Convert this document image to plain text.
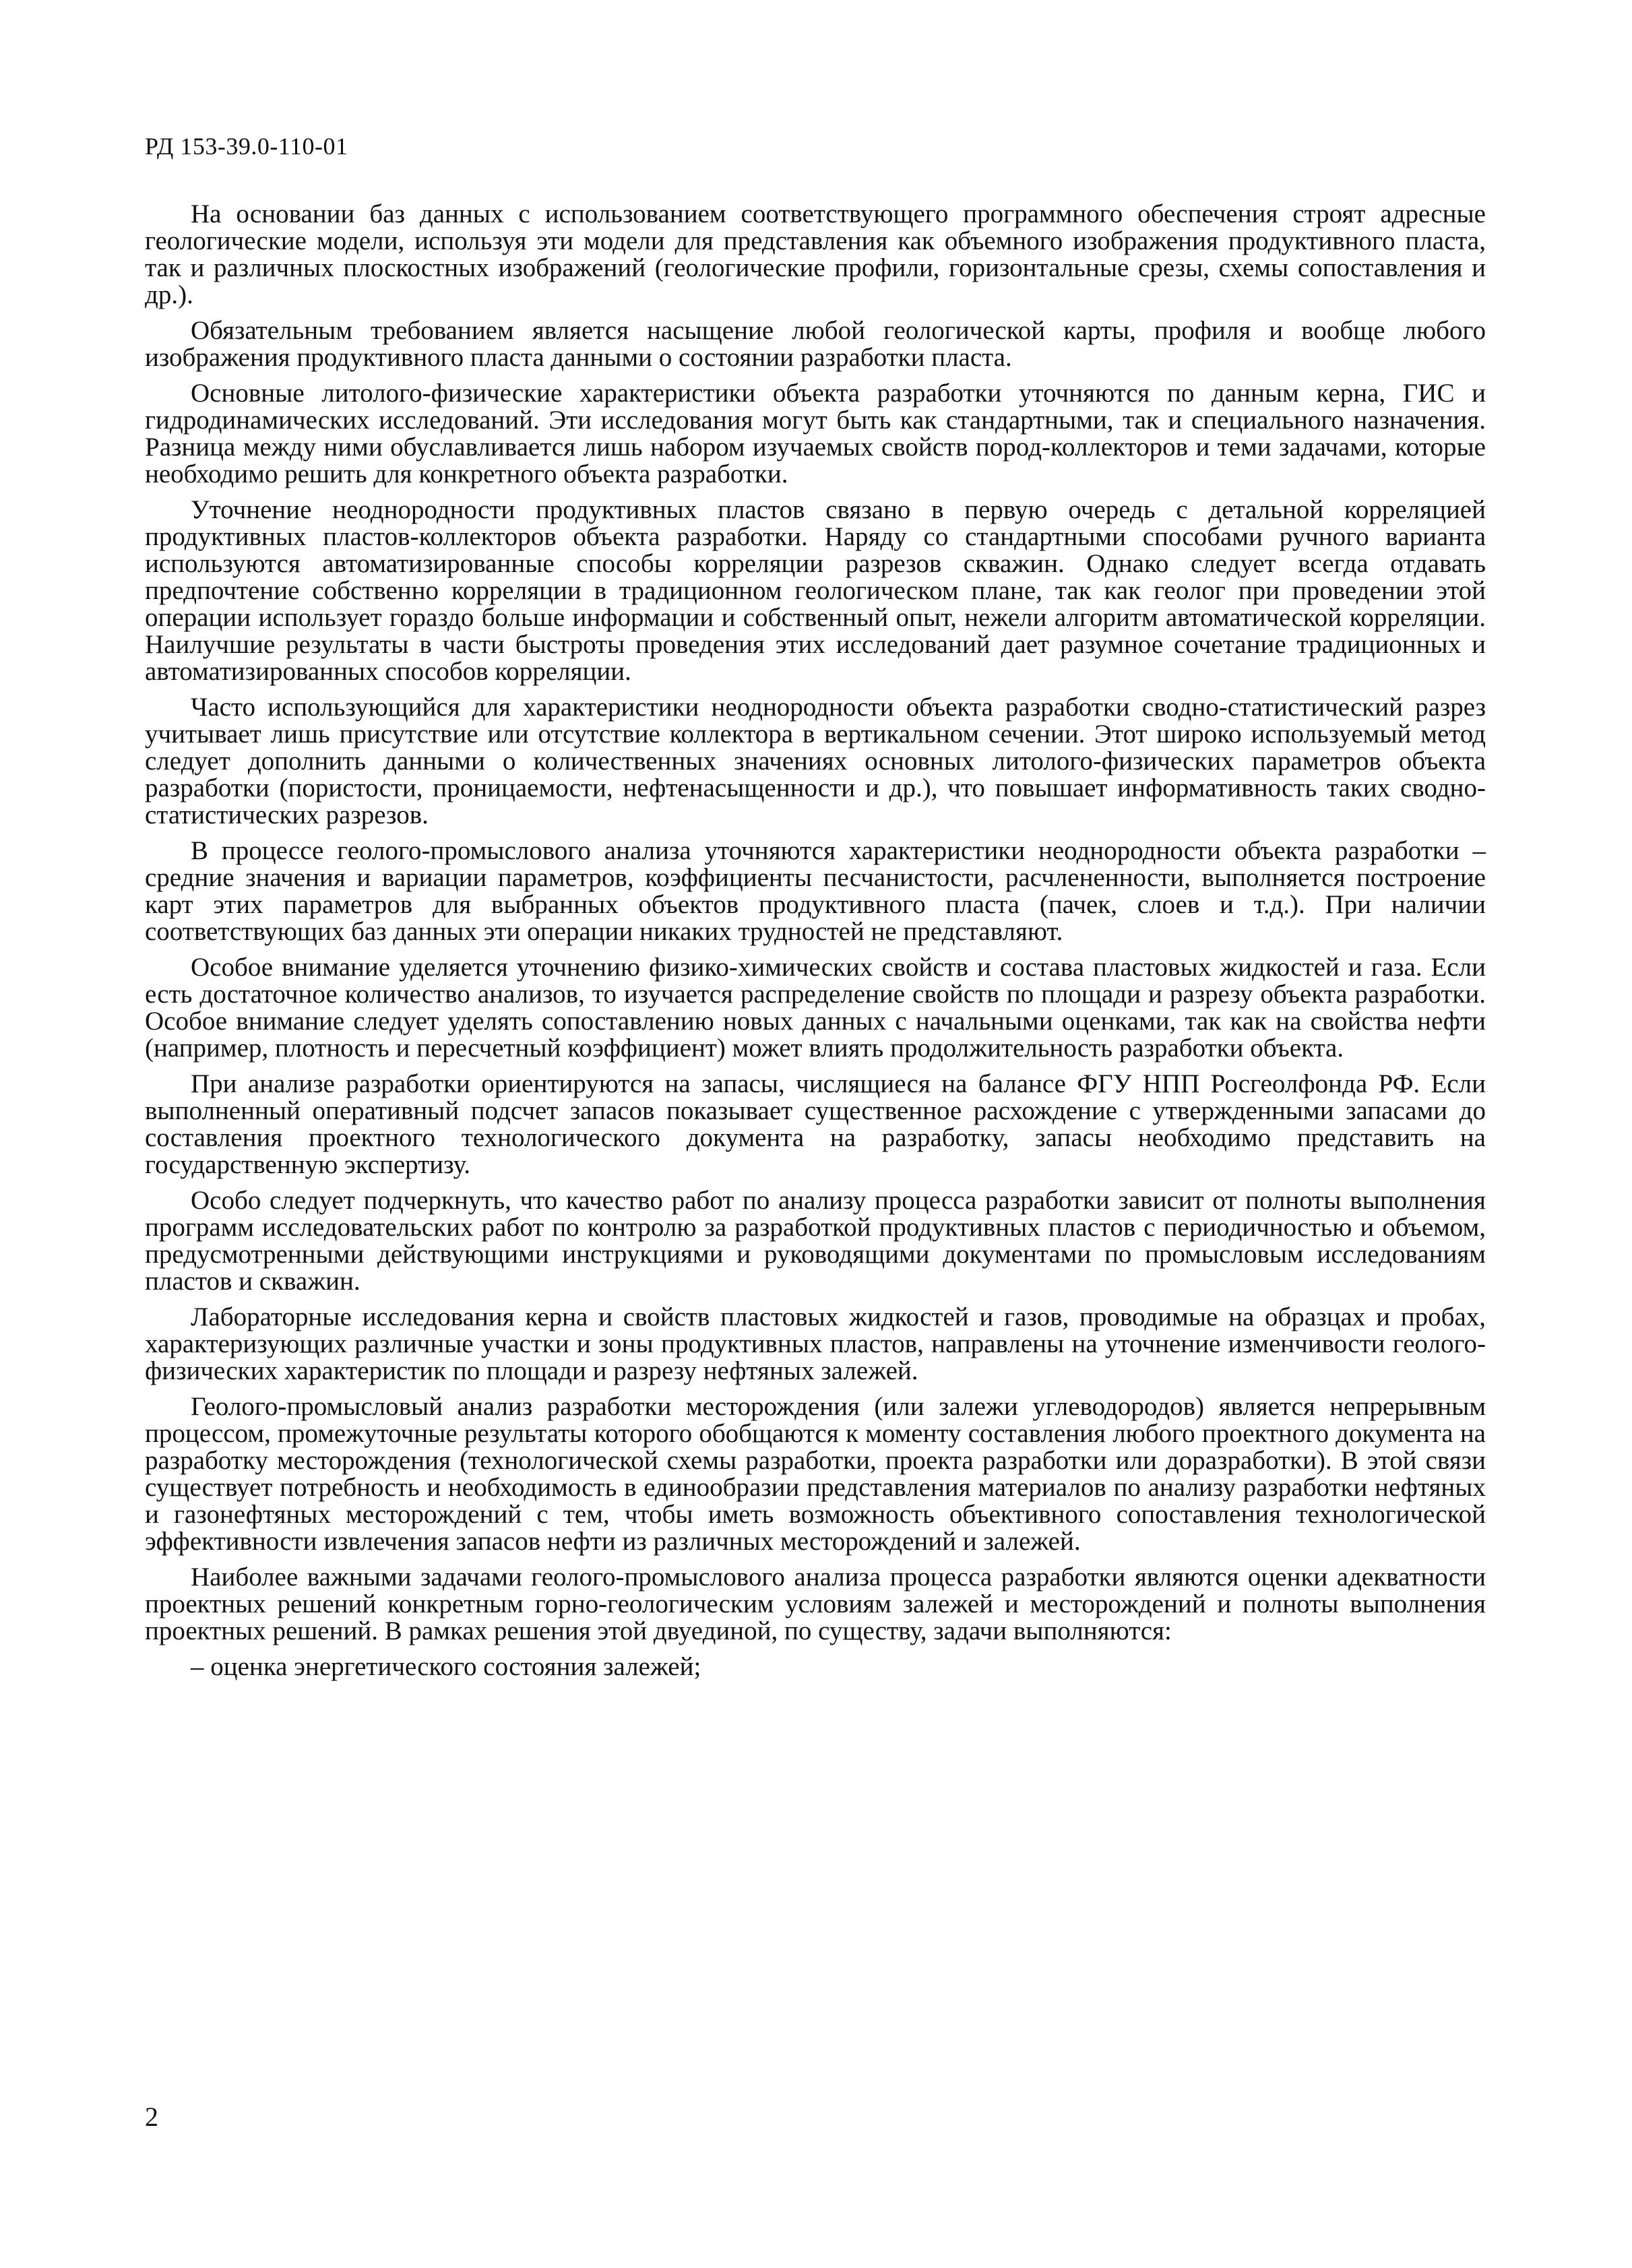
РД 153-39.0-110-01

На основании баз данных с использованием соответствующего программного обеспечения строят адресные геологические модели, используя эти модели для представления как объемного изображения продуктивного пласта, так и различных плоскостных изображений (геологические профили, горизонтальные срезы, схемы сопоставления и др.).

Обязательным требованием является насыщение любой геологической карты, профиля и вообще любого изображения продуктивного пласта данными о состоянии разработки пласта.

Основные литолого-физические характеристики объекта разработки уточняются по данным керна, ГИС и гидродинамических исследований. Эти исследования могут быть как стандартными, так и специального назначения. Разница между ними обуславливается лишь набором изучаемых свойств пород-коллекторов и теми задачами, которые необходимо решить для конкретного объекта разработки.

Уточнение неоднородности продуктивных пластов связано в первую очередь с детальной корреляцией продуктивных пластов-коллекторов объекта разработки. Наряду со стандартными способами ручного варианта используются автоматизированные способы корреляции разрезов скважин. Однако следует всегда отдавать предпочтение собственно корреляции в традиционном геологическом плане, так как геолог при проведении этой операции использует гораздо больше информации и собственный опыт, нежели алгоритм автоматической корреляции. Наилучшие результаты в части быстроты проведения этих исследований дает разумное сочетание традиционных и автоматизированных способов корреляции.

Часто использующийся для характеристики неоднородности объекта разработки сводно-статистический разрез учитывает лишь присутствие или отсутствие коллектора в вертикальном сечении. Этот широко используемый метод следует дополнить данными о количественных значениях основных литолого-физических параметров объекта разработки (пористости, проницаемости, нефтенасыщенности и др.), что повышает информативность таких сводно-статистических разрезов.

В процессе геолого-промыслового анализа уточняются характеристики неоднородности объекта разработки – средние значения и вариации параметров, коэффициенты песчанистости, расчлененности, выполняется построение карт этих параметров для выбранных объектов продуктивного пласта (пачек, слоев и т.д.). При наличии соответствующих баз данных эти операции никаких трудностей не представляют.

Особое внимание уделяется уточнению физико-химических свойств и состава пластовых жидкостей и газа. Если есть достаточное количество анализов, то изучается распределение свойств по площади и разрезу объекта разработки. Особое внимание следует уделять сопоставлению новых данных с начальными оценками, так как на свойства нефти (например, плотность и пересчетный коэффициент) может влиять продолжительность разработки объекта.

При анализе разработки ориентируются на запасы, числящиеся на балансе ФГУ НПП Росгеолфонда РФ. Если выполненный оперативный подсчет запасов показывает существенное расхождение с утвержденными запасами до составления проектного технологического документа на разработку, запасы необходимо представить на государственную экспертизу.

Особо следует подчеркнуть, что качество работ по анализу процесса разработки зависит от полноты выполнения программ исследовательских работ по контролю за разработкой продуктивных пластов с периодичностью и объемом, предусмотренными действующими инструкциями и руководящими документами по промысловым исследованиям пластов и скважин.

Лабораторные исследования керна и свойств пластовых жидкостей и газов, проводимые на образцах и пробах, характеризующих различные участки и зоны продуктивных пластов, направлены на уточнение изменчивости геолого-физических характеристик по площади и разрезу нефтяных залежей.

Геолого-промысловый анализ разработки месторождения (или залежи углеводородов) является непрерывным процессом, промежуточные результаты которого обобщаются к моменту составления любого проектного документа на разработку месторождения (технологической схемы разработки, проекта разработки или доразработки). В этой связи существует потребность и необходимость в единообразии представления материалов по анализу разработки нефтяных и газонефтяных месторождений с тем, чтобы иметь возможность объективного сопоставления технологической эффективности извлечения запасов нефти из различных месторождений и залежей.

Наиболее важными задачами геолого-промыслового анализа процесса разработки являются оценки адекватности проектных решений конкретным горно-геологическим условиям залежей и месторождений и полноты выполнения проектных решений. В рамках решения этой двуединой, по существу, задачи выполняются:

– оценка энергетического состояния залежей;

2
